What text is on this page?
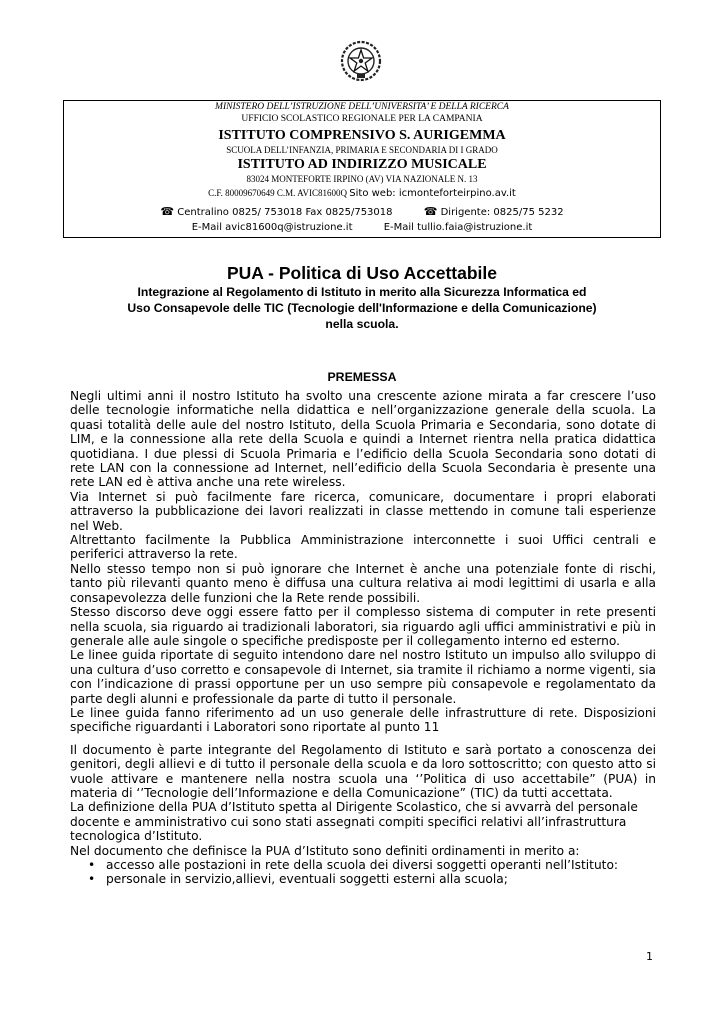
MINISTERO DELL’ISTRUZIONE DELL’UNIVERSITA’ E DELLA RICERCA
UFFICIO SCOLASTICO REGIONALE PER LA CAMPANIA
ISTITUTO COMPRENSIVO S. AURIGEMMA
SCUOLA DELL’INFANZIA, PRIMARIA E SECONDARIA DI I GRADO
ISTITUTO AD INDIRIZZO MUSICALE
83024 MONTEFORTE IRPINO (AV) VIA NAZIONALE N. 13
C.F. 80009670649 C.M. AVIC81600Q Sito web: icmonteforteirpino.av.it
☎ Centralino 0825/ 753018 Fax 0825/753018	☎ Dirigente: 0825/75 5232
E-Mail avic81600q@istruzione.it	E-Mail tullio.faia@istruzione.it

PUA - Politica di Uso Accettabile

Integrazione al Regolamento di Istituto in merito alla Sicurezza Informatica ed

Uso Consapevole delle TIC (Tecnologie dell'Informazione e della Comunicazione)

nella scuola.

PREMESSA

Negli ultimi anni il nostro Istituto ha svolto una crescente azione mirata a far crescere l’uso delle tecnologie informatiche nella didattica e nell’organizzazione generale della scuola. La quasi totalità delle aule del nostro Istituto, della Scuola Primaria e Secondaria, sono dotate di LIM, e la connessione alla rete della Scuola e quindi a Internet rientra nella pratica didattica quotidiana. I due plessi di Scuola Primaria e l’edificio della Scuola Secondaria sono dotati di rete LAN con la connessione ad Internet, nell’edificio della Scuola Secondaria è presente una rete LAN ed è attiva anche una rete wireless.

Via Internet si può facilmente fare ricerca, comunicare, documentare i propri elaborati attraverso la pubblicazione dei lavori realizzati in classe mettendo in comune tali esperienze nel Web.

Altrettanto facilmente la Pubblica Amministrazione interconnette i suoi Uffici centrali e periferici attraverso la rete.

Nello stesso tempo non si può ignorare che Internet è anche una potenziale fonte di rischi, tanto più rilevanti quanto meno è diffusa una cultura relativa ai modi legittimi di usarla e alla consapevolezza delle funzioni che la Rete rende possibili.

Stesso discorso deve oggi essere fatto per il complesso sistema di computer in rete presenti nella scuola, sia riguardo ai tradizionali laboratori, sia riguardo agli uffici amministrativi e più in generale alle aule singole o specifiche predisposte per il collegamento interno ed esterno.

Le linee guida riportate di seguito intendono dare nel nostro Istituto un impulso allo sviluppo di una cultura d’uso corretto e consapevole di Internet, sia tramite il richiamo a norme vigenti, sia con l’indicazione di prassi opportune per un uso sempre più consapevole e regolamentato da parte degli alunni e professionale da parte di tutto il personale.

Le linee guida fanno riferimento ad un uso generale delle infrastrutture di rete. Disposizioni specifiche riguardanti i Laboratori sono riportate al punto 11

Il documento è parte integrante del Regolamento di Istituto e sarà portato a conoscenza dei genitori, degli allievi e di tutto il personale della scuola e da loro sottoscritto; con questo atto si vuole attivare e mantenere nella nostra scuola una ‘’Politica di uso accettabile” (PUA) in materia di ‘’Tecnologie dell’Informazione e della Comunicazione” (TIC) da tutti accettata.

La definizione della PUA d’Istituto spetta al Dirigente Scolastico, che si avvarrà del personale docente e amministrativo cui sono stati assegnati compiti specifici relativi all’infrastruttura tecnologica d’Istituto.

Nel documento che definisce la PUA d’Istituto sono definiti ordinamenti in merito a:

• accesso alle postazioni in rete della scuola dei diversi soggetti operanti nell’Istituto:
• personale in servizio,allievi, eventuali soggetti esterni alla scuola;
1
